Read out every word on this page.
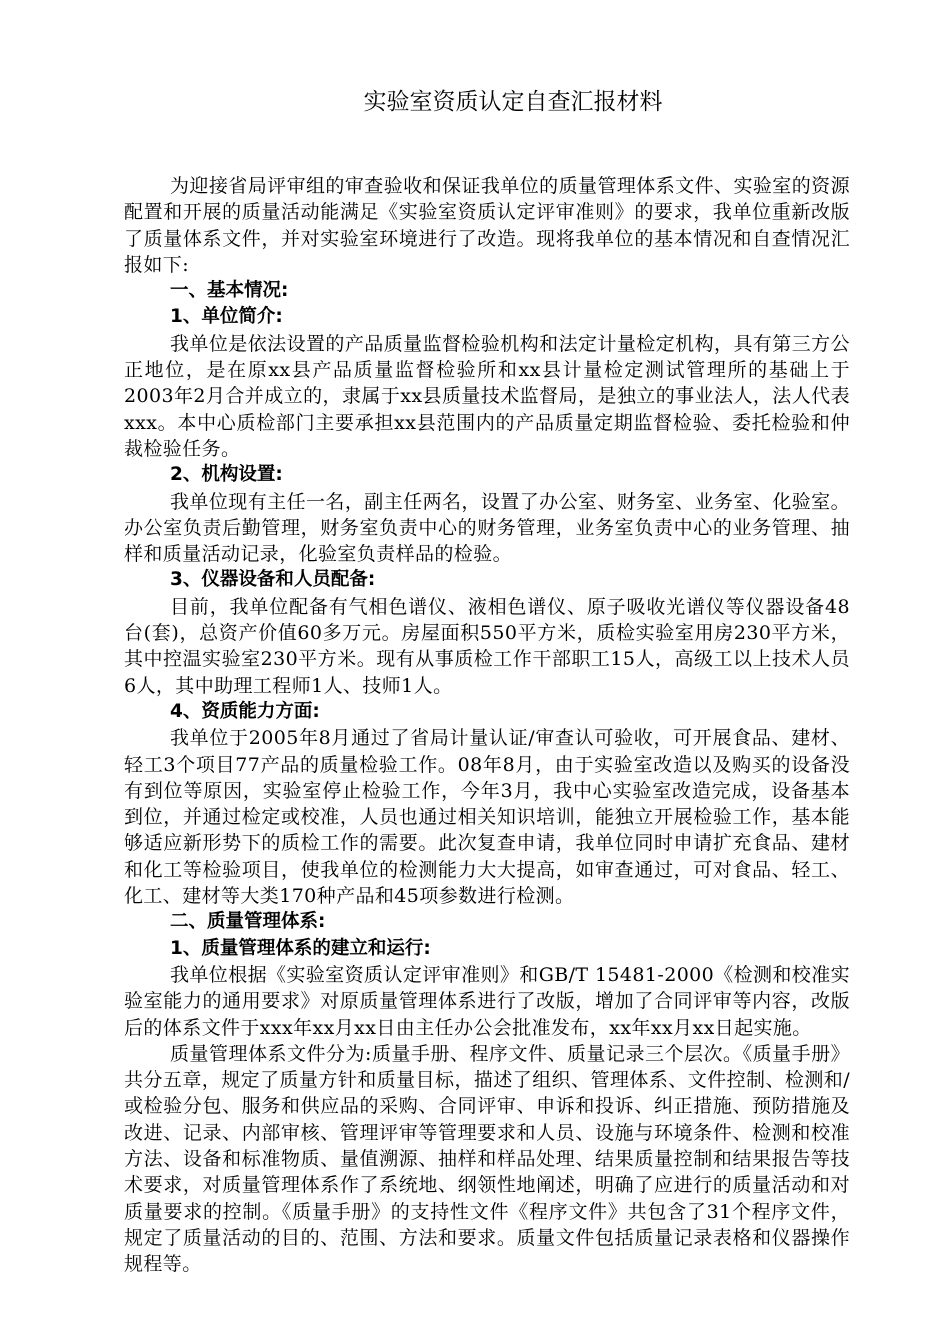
实验室资质认定自查汇报材料

为迎接省局评审组的审查验收和保证我单位的质量管理体系文件、实验室的资源配置和开展的质量活动能满足《实验室资质认定评审准则》的要求，我单位重新改版了质量体系文件，并对实验室环境进行了改造。现将我单位的基本情况和自查情况汇报如下:

一、基本情况:

1、单位简介:

我单位是依法设置的产品质量监督检验机构和法定计量检定机构，具有第三方公正地位，是在原xx县产品质量监督检验所和xx县计量检定测试管理所的基础上于2003年2月合并成立的，隶属于xx县质量技术监督局，是独立的事业法人，法人代表xxx。本中心质检部门主要承担xx县范围内的产品质量定期监督检验、委托检验和仲裁检验任务。

2、机构设置:

我单位现有主任一名，副主任两名，设置了办公室、财务室、业务室、化验室。办公室负责后勤管理，财务室负责中心的财务管理，业务室负责中心的业务管理、抽样和质量活动记录，化验室负责样品的检验。

3、仪器设备和人员配备:

目前，我单位配备有气相色谱仪、液相色谱仪、原子吸收光谱仪等仪器设备48台(套)，总资产价值60多万元。房屋面积550平方米，质检实验室用房230平方米，其中控温实验室230平方米。现有从事质检工作干部职工15人，高级工以上技术人员6人，其中助理工程师1人、技师1人。

4、资质能力方面:

我单位于2005年8月通过了省局计量认证/审查认可验收，可开展食品、建材、轻工3个项目77产品的质量检验工作。08年8月，由于实验室改造以及购买的设备没有到位等原因，实验室停止检验工作，今年3月，我中心实验室改造完成，设备基本到位，并通过检定或校准，人员也通过相关知识培训，能独立开展检验工作，基本能够适应新形势下的质检工作的需要。此次复查申请，我单位同时申请扩充食品、建材和化工等检验项目，使我单位的检测能力大大提高，如审查通过，可对食品、轻工、化工、建材等大类170种产品和45项参数进行检测。

二、质量管理体系:

1、质量管理体系的建立和运行:

我单位根据《实验室资质认定评审准则》和GB/T 15481-2000《检测和校准实验室能力的通用要求》对原质量管理体系进行了改版，增加了合同评审等内容，改版后的体系文件于xxx年xx月xx日由主任办公会批准发布，xx年xx月xx日起实施。

质量管理体系文件分为:质量手册、程序文件、质量记录三个层次。《质量手册》共分五章，规定了质量方针和质量目标，描述了组织、管理体系、文件控制、检测和/或检验分包、服务和供应品的采购、合同评审、申诉和投诉、纠正措施、预防措施及改进、记录、内部审核、管理评审等管理要求和人员、设施与环境条件、检测和校准方法、设备和标准物质、量值溯源、抽样和样品处理、结果质量控制和结果报告等技术要求，对质量管理体系作了系统地、纲领性地阐述，明确了应进行的质量活动和对质量要求的控制。《质量手册》的支持性文件《程序文件》共包含了31个程序文件，规定了质量活动的目的、范围、方法和要求。质量文件包括质量记录表格和仪器操作规程等。
